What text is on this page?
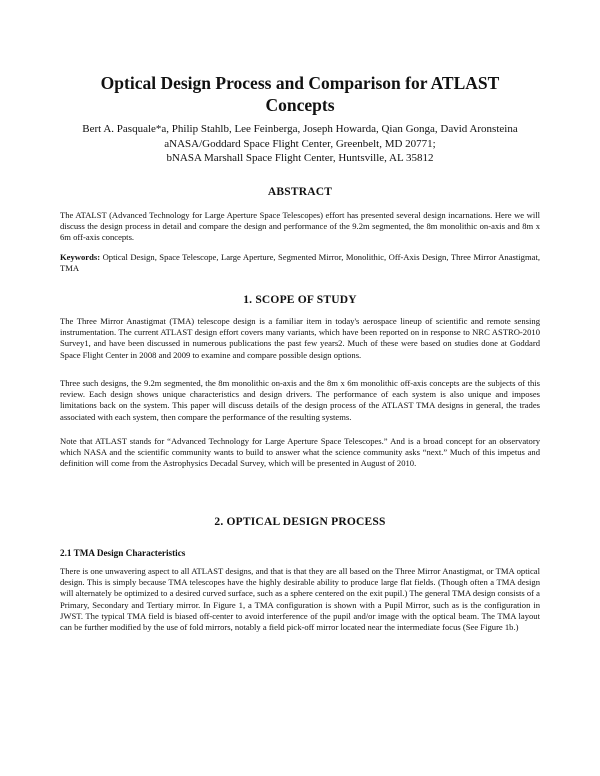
Optical Design Process and Comparison for ATLAST
Concepts
Bert A. Pasquale*a, Philip Stahlb, Lee Feinberga, Joseph Howarda, Qian Gonga, David Aronsteina
aNASA/Goddard Space Flight Center, Greenbelt, MD 20771;
bNASA Marshall Space Flight Center, Huntsville, AL 35812
ABSTRACT
The ATALST (Advanced Technology for Large Aperture Space Telescopes) effort has presented several design incarnations. Here we will discuss the design process in detail and compare the design and performance of the 9.2m segmented, the 8m monolithic on-axis and 8m x 6m off-axis concepts.
Keywords: Optical Design, Space Telescope, Large Aperture, Segmented Mirror, Monolithic, Off-Axis Design, Three Mirror Anastigmat, TMA
1. SCOPE OF STUDY
The Three Mirror Anastigmat (TMA) telescope design is a familiar item in today's aerospace lineup of scientific and remote sensing instrumentation. The current ATLAST design effort covers many variants, which have been reported on in response to NRC ASTRO-2010 Survey1, and have been discussed in numerous publications the past few years2. Much of these were based on studies done at Goddard Space Flight Center in 2008 and 2009 to examine and compare possible design options.
Three such designs, the 9.2m segmented, the 8m monolithic on-axis and the 8m x 6m monolithic off-axis concepts are the subjects of this review. Each design shows unique characteristics and design drivers. The performance of each system is also unique and imposes limitations back on the system. This paper will discuss details of the design process of the ATLAST TMA designs in general, the trades associated with each system, then compare the performance of the resulting systems.
Note that ATLAST stands for “Advanced Technology for Large Aperture Space Telescopes.” And is a broad concept for an observatory which NASA and the scientific community wants to build to answer what the science community asks “next.” Much of this impetus and definition will come from the Astrophysics Decadal Survey, which will be presented in August of 2010.
2. OPTICAL DESIGN PROCESS
2.1 TMA Design Characteristics
There is one unwavering aspect to all ATLAST designs, and that is that they are all based on the Three Mirror Anastigmat, or TMA optical design. This is simply because TMA telescopes have the highly desirable ability to produce large flat fields. (Though often a TMA design will alternately be optimized to a desired curved surface, such as a sphere centered on the exit pupil.) The general TMA design consists of a Primary, Secondary and Tertiary mirror. In Figure 1, a TMA configuration is shown with a Pupil Mirror, such as is the configuration in JWST. The typical TMA field is biased off-center to avoid interference of the pupil and/or image with the optical beam. The TMA layout can be further modified by the use of fold mirrors, notably a field pick-off mirror located near the intermediate focus (See Figure 1b.)
